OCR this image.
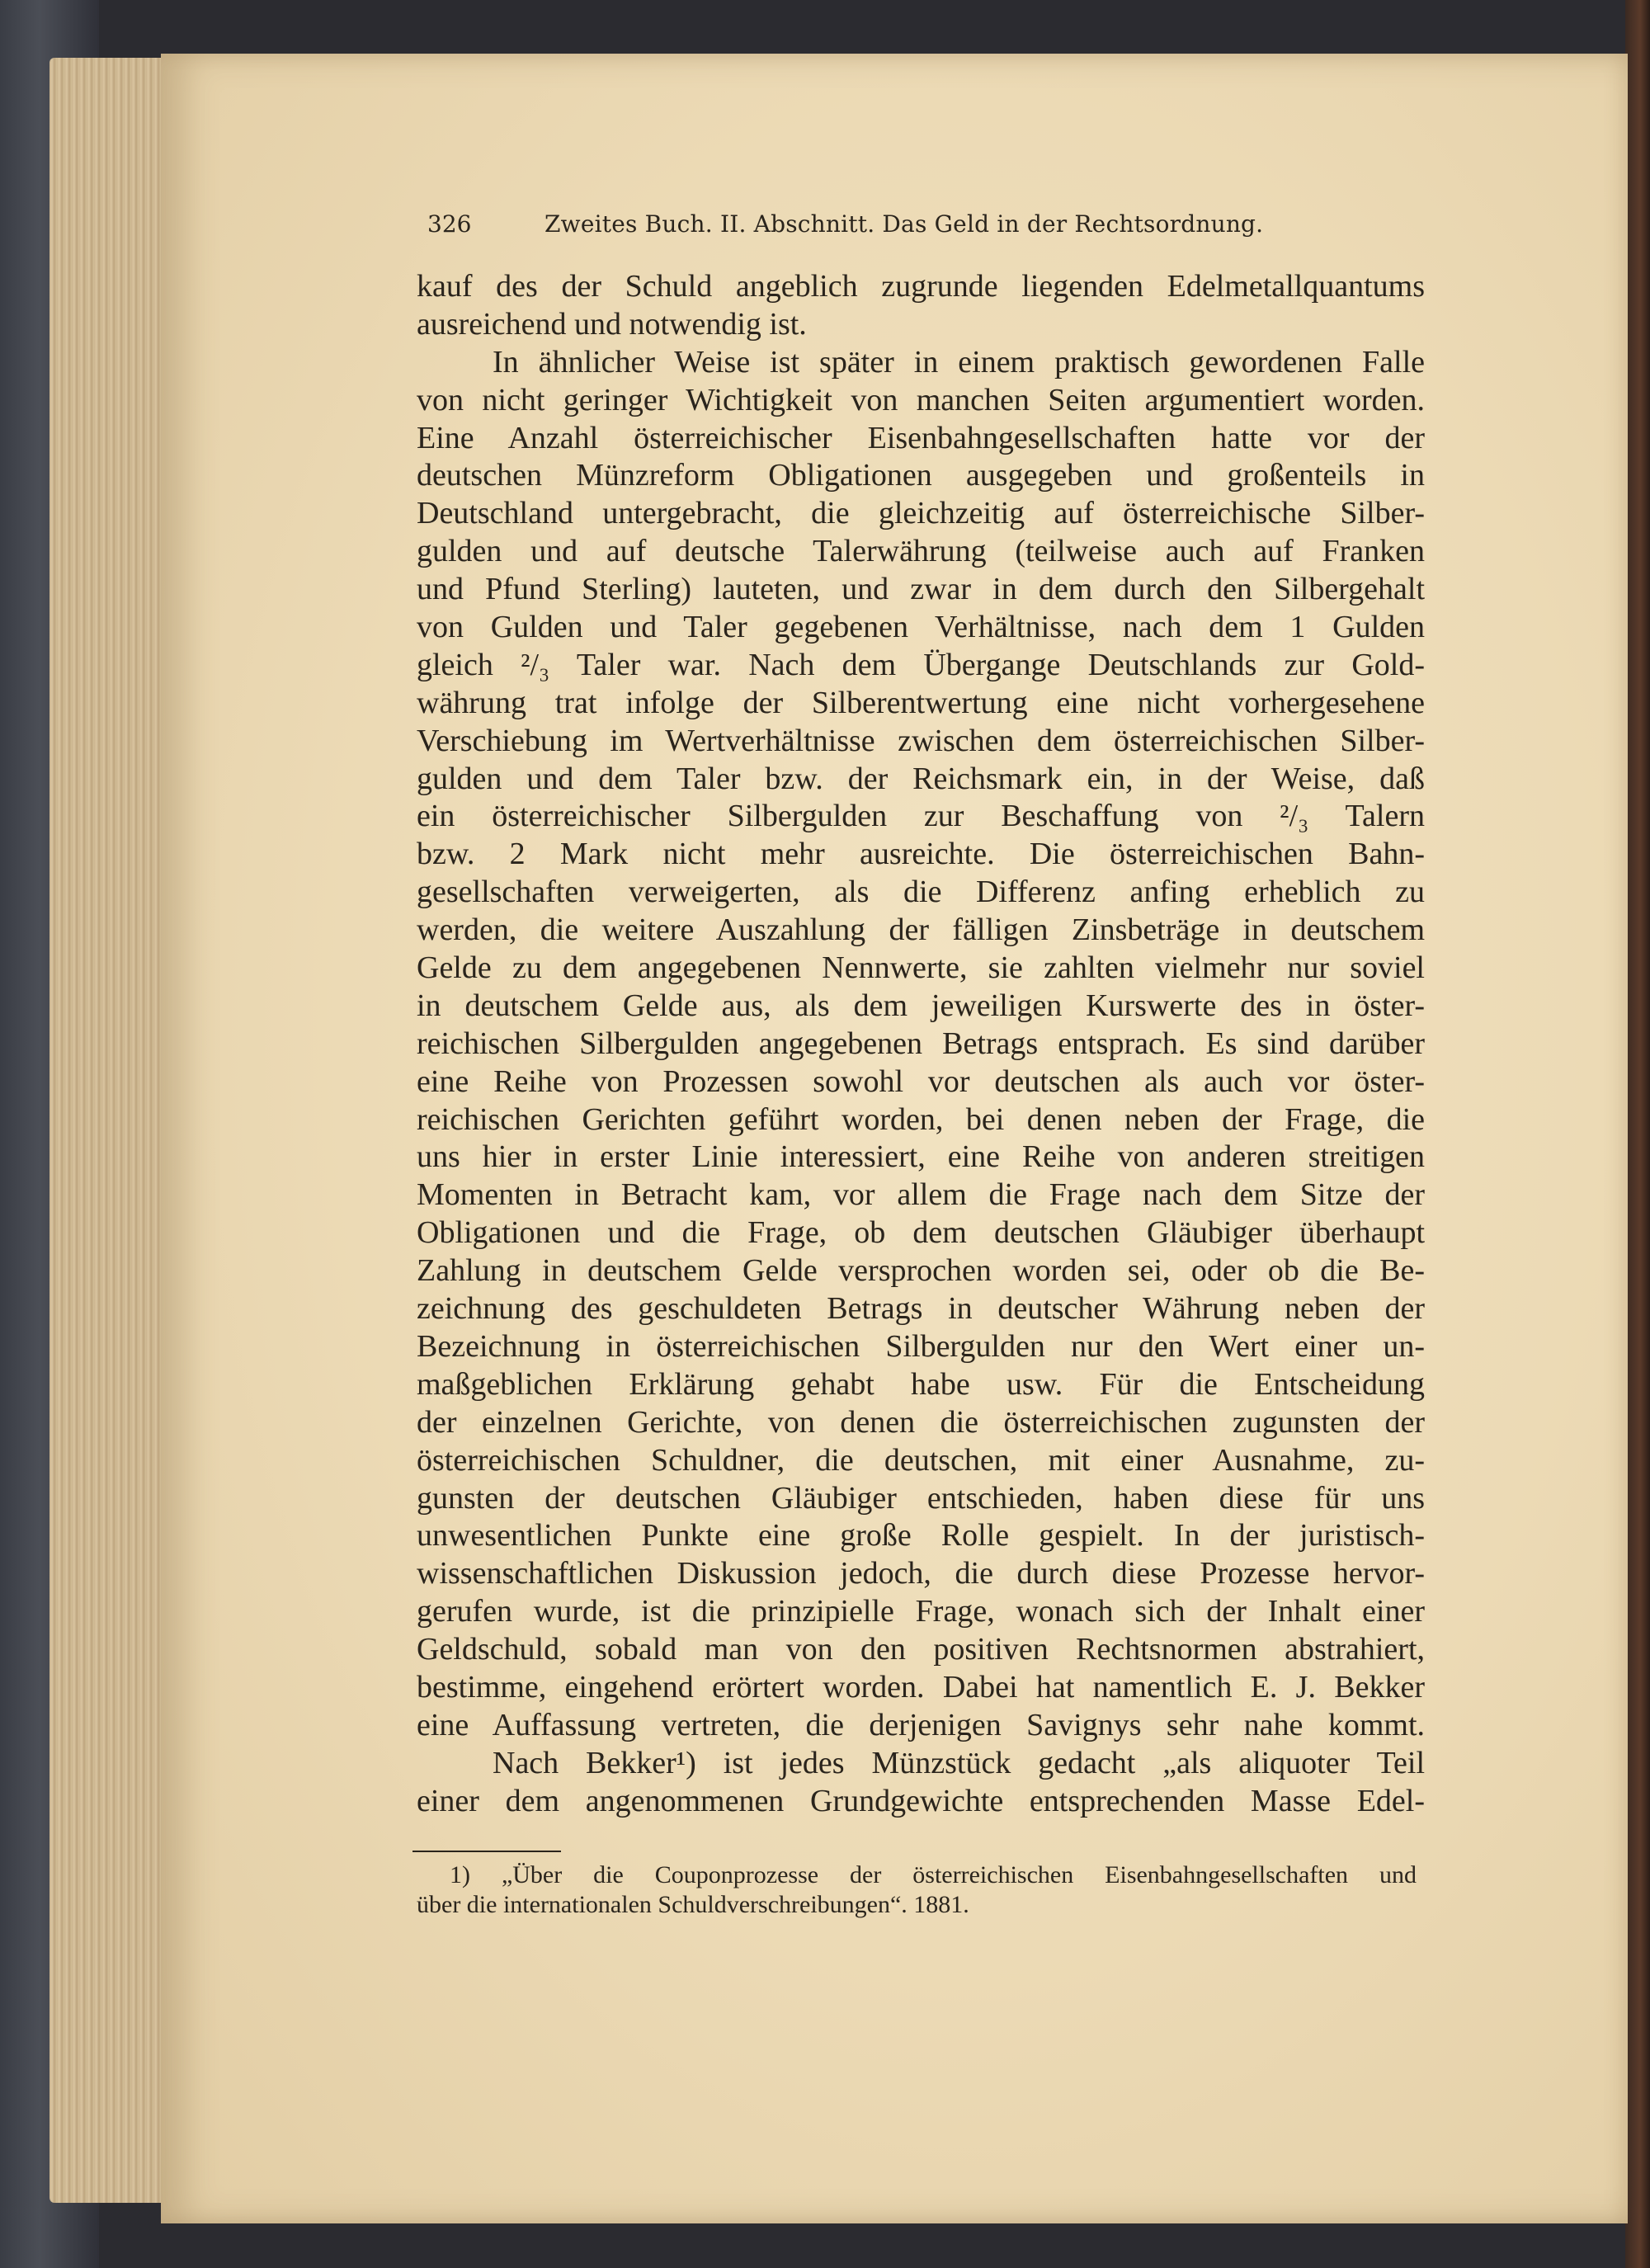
326	Zweites Buch. II. Abschnitt. Das Geld in der Rechtsordnung.
kauf des der Schuld angeblich zugrunde liegenden Edelmetallquantums
ausreichend und notwendig ist.
In ähnlicher Weise ist später in einem praktisch gewordenen Falle
von nicht geringer Wichtigkeit von manchen Seiten argumentiert worden.
Eine Anzahl österreichischer Eisenbahngesellschaften hatte vor der
deutschen Münzreform Obligationen ausgegeben und großenteils in
Deutschland untergebracht, die gleichzeitig auf österreichische Silber-
gulden und auf deutsche Talerwährung (teilweise auch auf Franken
und Pfund Sterling) lauteten, und zwar in dem durch den Silbergehalt
von Gulden und Taler gegebenen Verhältnisse, nach dem 1 Gulden
gleich ²/₃ Taler war. Nach dem Übergange Deutschlands zur Gold-
währung trat infolge der Silberentwertung eine nicht vorhergesehene
Verschiebung im Wertverhältnisse zwischen dem österreichischen Silber-
gulden und dem Taler bzw. der Reichsmark ein, in der Weise, daß
ein österreichischer Silbergulden zur Beschaffung von ²/₃ Talern
bzw. 2 Mark nicht mehr ausreichte. Die österreichischen Bahn-
gesellschaften verweigerten, als die Differenz anfing erheblich zu
werden, die weitere Auszahlung der fälligen Zinsbeträge in deutschem
Gelde zu dem angegebenen Nennwerte, sie zahlten vielmehr nur soviel
in deutschem Gelde aus, als dem jeweiligen Kurswerte des in öster-
reichischen Silbergulden angegebenen Betrags entsprach. Es sind darüber
eine Reihe von Prozessen sowohl vor deutschen als auch vor öster-
reichischen Gerichten geführt worden, bei denen neben der Frage, die
uns hier in erster Linie interessiert, eine Reihe von anderen streitigen
Momenten in Betracht kam, vor allem die Frage nach dem Sitze der
Obligationen und die Frage, ob dem deutschen Gläubiger überhaupt
Zahlung in deutschem Gelde versprochen worden sei, oder ob die Be-
zeichnung des geschuldeten Betrags in deutscher Währung neben der
Bezeichnung in österreichischen Silbergulden nur den Wert einer un-
maßgeblichen Erklärung gehabt habe usw. Für die Entscheidung
der einzelnen Gerichte, von denen die österreichischen zugunsten der
österreichischen Schuldner, die deutschen, mit einer Ausnahme, zu-
gunsten der deutschen Gläubiger entschieden, haben diese für uns
unwesentlichen Punkte eine große Rolle gespielt. In der juristisch-
wissenschaftlichen Diskussion jedoch, die durch diese Prozesse hervor-
gerufen wurde, ist die prinzipielle Frage, wonach sich der Inhalt einer
Geldschuld, sobald man von den positiven Rechtsnormen abstrahiert,
bestimme, eingehend erörtert worden. Dabei hat namentlich E. J. Bekker
eine Auffassung vertreten, die derjenigen Savignys sehr nahe kommt.
Nach Bekker¹) ist jedes Münzstück gedacht „als aliquoter Teil
einer dem angenommenen Grundgewichte entsprechenden Masse Edel-
1) „Über die Couponprozesse der österreichischen Eisenbahngesellschaften und
über die internationalen Schuldverschreibungen“. 1881.
